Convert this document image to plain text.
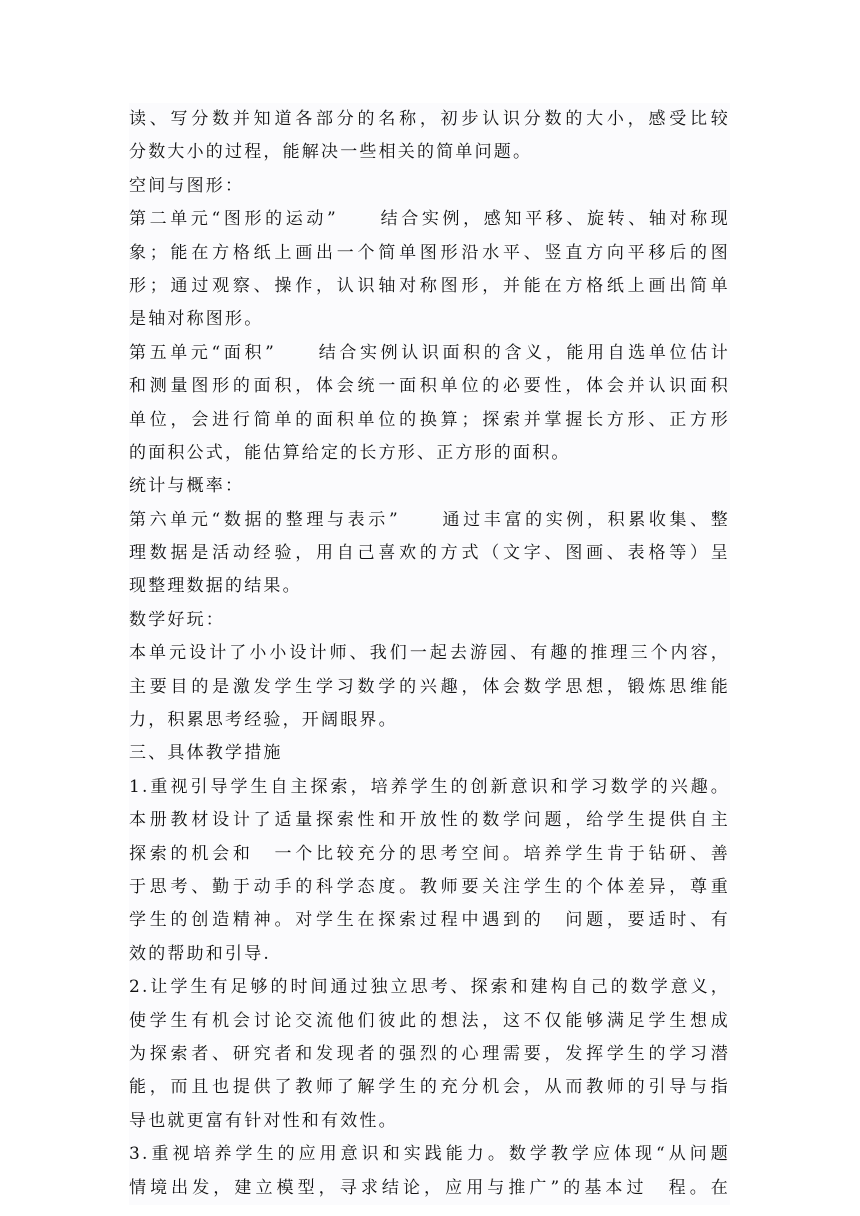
读、写分数并知道各部分的名称，初步认识分数的大小，感受比较
分数大小的过程，能解决一些相关的简单问题。
空间与图形：
第二单元“图形的运动”　　结合实例，感知平移、旋转、轴对称现
象；能在方格纸上画出一个简单图形沿水平、竖直方向平移后的图
形；通过观察、操作，认识轴对称图形，并能在方格纸上画出简单
是轴对称图形。
第五单元“面积”　　结合实例认识面积的含义，能用自选单位估计
和测量图形的面积，体会统一面积单位的必要性，体会并认识面积
单位，会进行简单的面积单位的换算；探索并掌握长方形、正方形
的面积公式，能估算给定的长方形、正方形的面积。
统计与概率：
第六单元“数据的整理与表示”　　通过丰富的实例，积累收集、整
理数据是活动经验，用自己喜欢的方式（文字、图画、表格等）呈
现整理数据的结果。
数学好玩：
本单元设计了小小设计师、我们一起去游园、有趣的推理三个内容，
主要目的是激发学生学习数学的兴趣，体会数学思想，锻炼思维能
力，积累思考经验，开阔眼界。
三、具体教学措施
1.重视引导学生自主探索，培养学生的创新意识和学习数学的兴趣。
本册教材设计了适量探索性和开放性的数学问题，给学生提供自主
探索的机会和　一个比较充分的思考空间。培养学生肯于钻研、善
于思考、勤于动手的科学态度。教师要关注学生的个体差异，尊重
学生的创造精神。对学生在探索过程中遇到的　问题，要适时、有
效的帮助和引导.
2.让学生有足够的时间通过独立思考、探索和建构自己的数学意义，
使学生有机会讨论交流他们彼此的想法，这不仅能够满足学生想成
为探索者、研究者和发现者的强烈的心理需要，发挥学生的学习潜
能，而且也提供了教师了解学生的充分机会，从而教师的引导与指
导也就更富有针对性和有效性。
3.重视培养学生的应用意识和实践能力。数学教学应体现“从问题
情境出发，建立模型，寻求结论，应用与推广”的基本过　程。在
